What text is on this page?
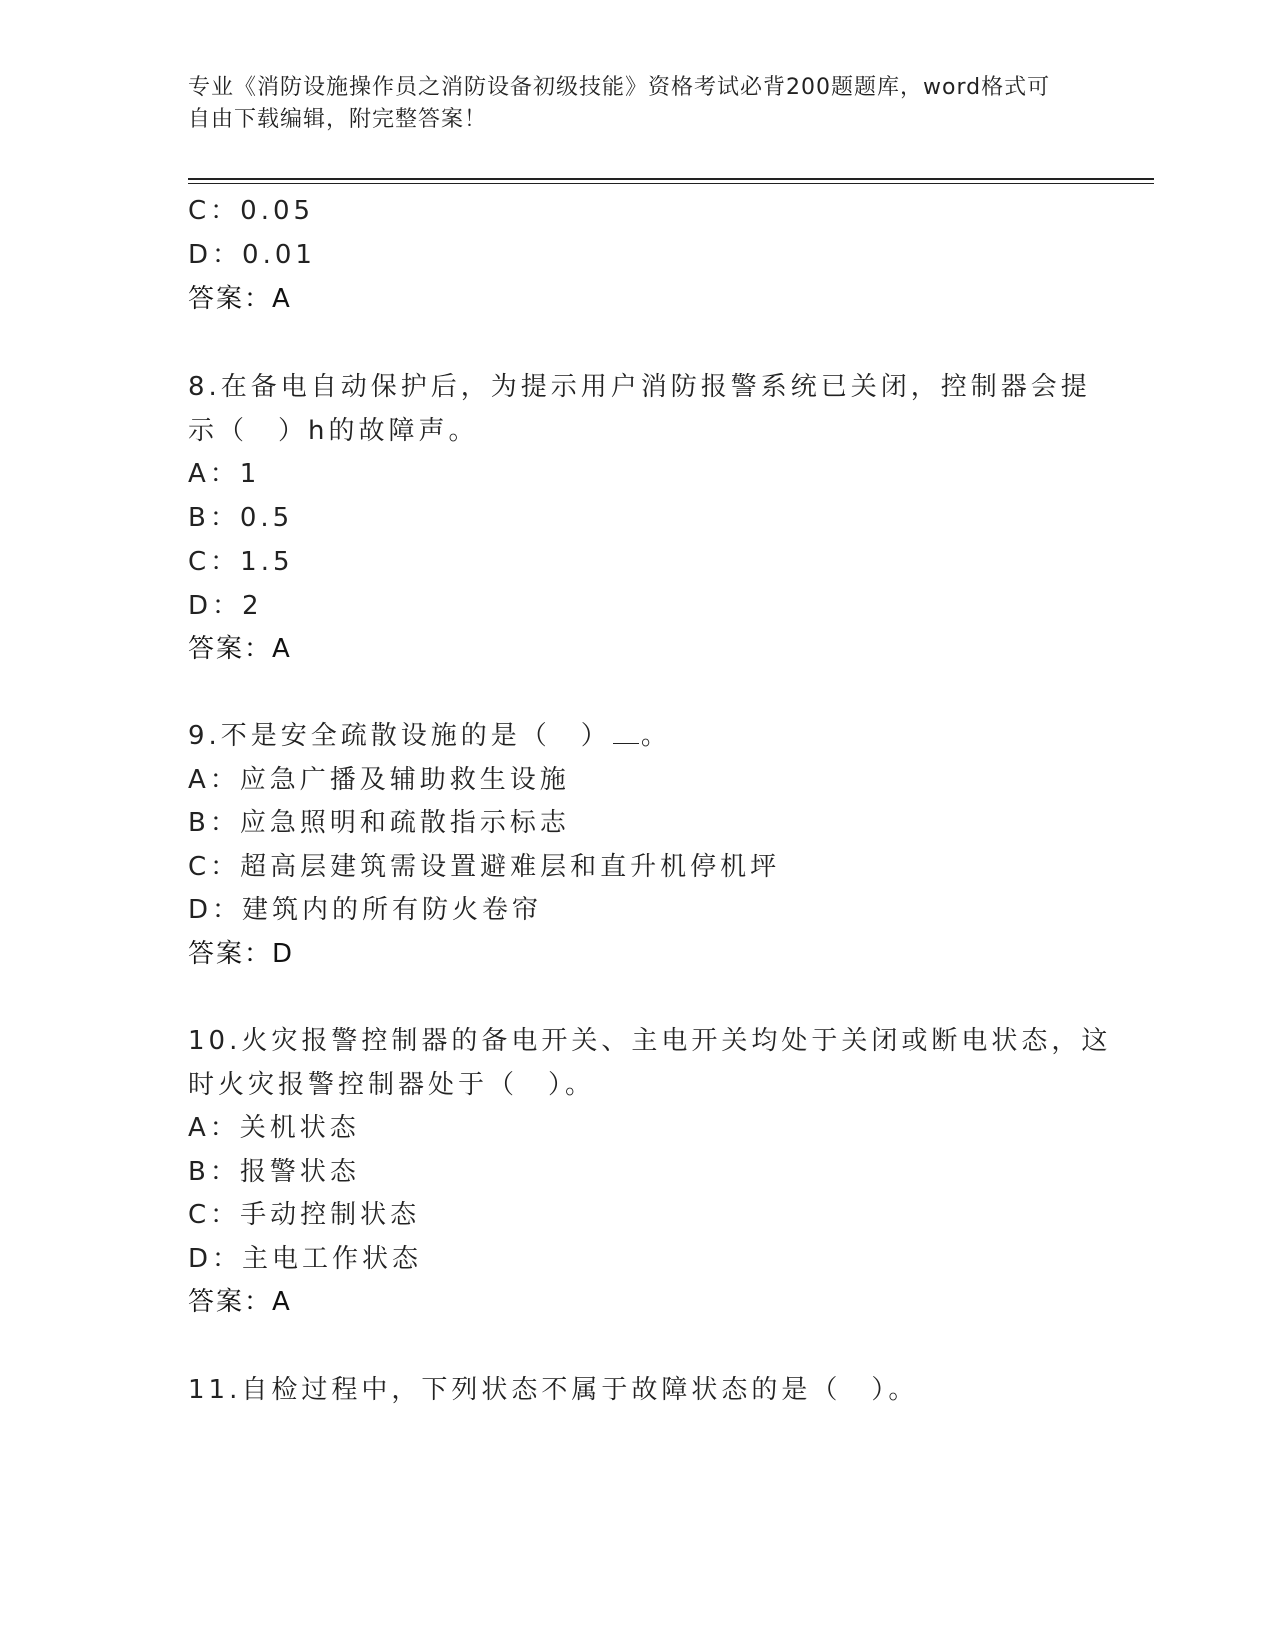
专业《消防设施操作员之消防设备初级技能》资格考试必背200题题库，word格式可自由下载编辑，附完整答案！
C：0.05
D：0.01
答案：A
8.在备电自动保护后，为提示用户消防报警系统已关闭，控制器会提
示（　）h的故障声。
A：1
B：0.5
C：1.5
D：2
答案：A
9.不是安全疏散设施的是（　） 。
A：应急广播及辅助救生设施
B：应急照明和疏散指示标志
C：超高层建筑需设置避难层和直升机停机坪
D：建筑内的所有防火卷帘
答案：D
10.火灾报警控制器的备电开关、主电开关均处于关闭或断电状态，这
时火灾报警控制器处于（　）。
A：关机状态
B：报警状态
C：手动控制状态
D：主电工作状态
答案：A
11.自检过程中，下列状态不属于故障状态的是（　）。
